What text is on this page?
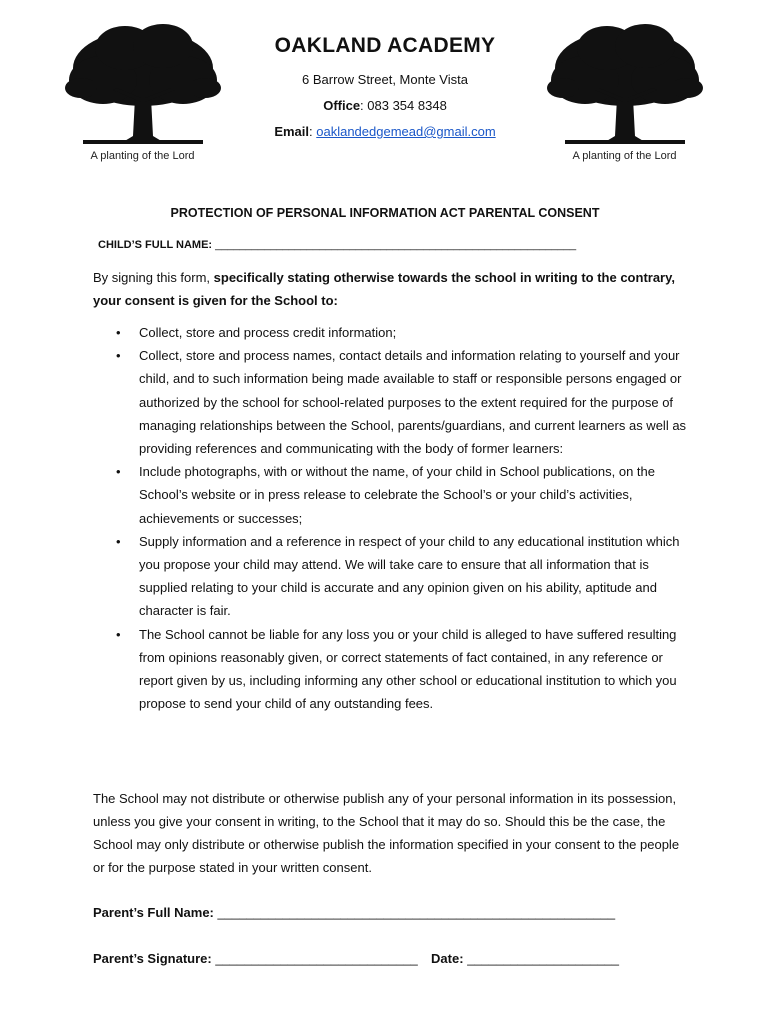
A planting of the Lord	A planting of the Lord
OAKLAND ACADEMY
6 Barrow Street, Monte Vista
Office: 083 354 8348
Email: oaklandedgemead@gmail.com
PROTECTION OF PERSONAL INFORMATION ACT PARENTAL CONSENT
CHILD’S FULL NAME: ___________________________________________________________
By signing this form, specifically stating otherwise towards the school in writing to the contrary, your consent is given for the School to:
• Collect, store and process credit information;
• Collect, store and process names, contact details and information relating to yourself and your child, and to such information being made available to staff or responsible persons engaged or authorized by the school for school-related purposes to the extent required for the purpose of managing relationships between the School, parents/guardians, and current learners as well as providing references and communicating with the body of former learners:
• Include photographs, with or without the name, of your child in School publications, on the School’s website or in press release to celebrate the School’s or your child’s activities, achievements or successes;
• Supply information and a reference in respect of your child to any educational institution which you propose your child may attend. We will take care to ensure that all information that is supplied relating to your child is accurate and any opinion given on his ability, aptitude and character is fair.
• The School cannot be liable for any loss you or your child is alleged to have suffered resulting from opinions reasonably given, or correct statements of fact contained, in any reference or report given by us, including informing any other school or educational institution to which you propose to send your child of any outstanding fees.
The School may not distribute or otherwise publish any of your personal information in its possession, unless you give your consent in writing, to the School that it may do so. Should this be the case, the School may only distribute or otherwise publish the information specified in your consent to the people or for the purpose stated in your written consent.
Parent’s Full Name: _______________________________________________________
Parent’s Signature: ____________________________ Date: _____________________
